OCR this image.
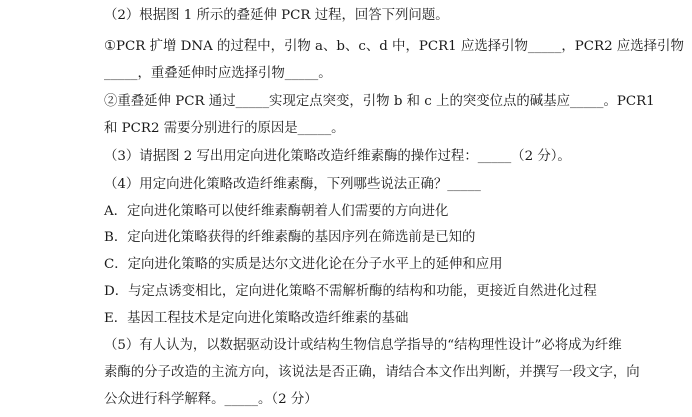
（2）根据图 1 所示的叠延伸 PCR 过程，回答下列问题。
①PCR 扩增 DNA 的过程中，引物 a、b、c、d 中，PCR1 应选择引物_____，PCR2 应选择引物
_____，重叠延伸时应选择引物_____。
②重叠延伸 PCR 通过_____实现定点突变，引物 b 和 c 上的突变位点的碱基应_____。PCR1
和 PCR2 需要分别进行的原因是_____。
（3）请据图 2 写出用定向进化策略改造纤维素酶的操作过程：_____（2 分）。
（4）用定向进化策略改造纤维素酶，下列哪些说法正确？_____
A．定向进化策略可以使纤维素酶朝着人们需要的方向进化
B．定向进化策略获得的纤维素酶的基因序列在筛选前是已知的
C．定向进化策略的实质是达尔文进化论在分子水平上的延伸和应用
D．与定点诱变相比，定向进化策略不需解析酶的结构和功能，更接近自然进化过程
E．基因工程技术是定向进化策略改造纤维素的基础
（5）有人认为，以数据驱动设计或结构生物信息学指导的“结构理性设计”必将成为纤维
素酶的分子改造的主流方向，该说法是否正确，请结合本文作出判断，并撰写一段文字，向
公众进行科学解释。_____。（2 分）
